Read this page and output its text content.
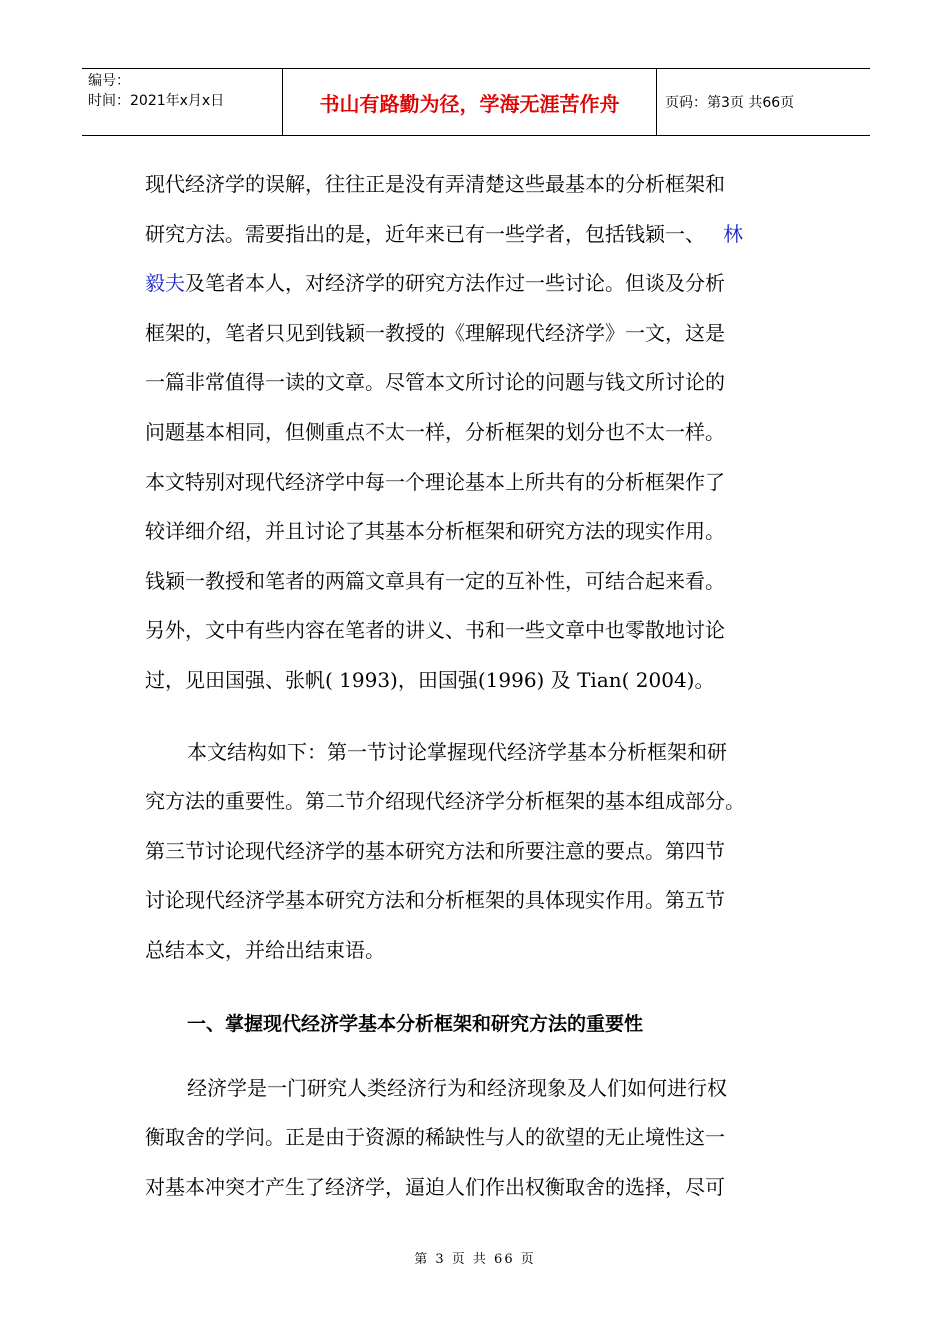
编号：
时间：2021年x月x日	书山有路勤为径，学海无涯苦作舟	页码：第3页 共66页
现代经济学的误解，往往正是没有弄清楚这些最基本的分析框架和
研究方法。需要指出的是，近年来已有一些学者，包括钱颖一、 林
毅夫及笔者本人，对经济学的研究方法作过一些讨论。但谈及分析
框架的，笔者只见到钱颖一教授的《理解现代经济学》一文，这是
一篇非常值得一读的文章。尽管本文所讨论的问题与钱文所讨论的
问题基本相同，但侧重点不太一样，分析框架的划分也不太一样。
本文特别对现代经济学中每一个理论基本上所共有的分析框架作了
较详细介绍，并且讨论了其基本分析框架和研究方法的现实作用。
钱颖一教授和笔者的两篇文章具有一定的互补性，可结合起来看。
另外，文中有些内容在笔者的讲义、书和一些文章中也零散地讨论
过，见田国强、张帆( 1993)，田国强(1996) 及 Tian( 2004)。
本文结构如下：第一节讨论掌握现代经济学基本分析框架和研
究方法的重要性。第二节介绍现代经济学分析框架的基本组成部分。
第三节讨论现代经济学的基本研究方法和所要注意的要点。第四节
讨论现代经济学基本研究方法和分析框架的具体现实作用。第五节
总结本文，并给出结束语。
一、掌握现代经济学基本分析框架和研究方法的重要性
经济学是一门研究人类经济行为和经济现象及人们如何进行权
衡取舍的学问。正是由于资源的稀缺性与人的欲望的无止境性这一
对基本冲突才产生了经济学，逼迫人们作出权衡取舍的选择，尽可
第 3 页 共 66 页
